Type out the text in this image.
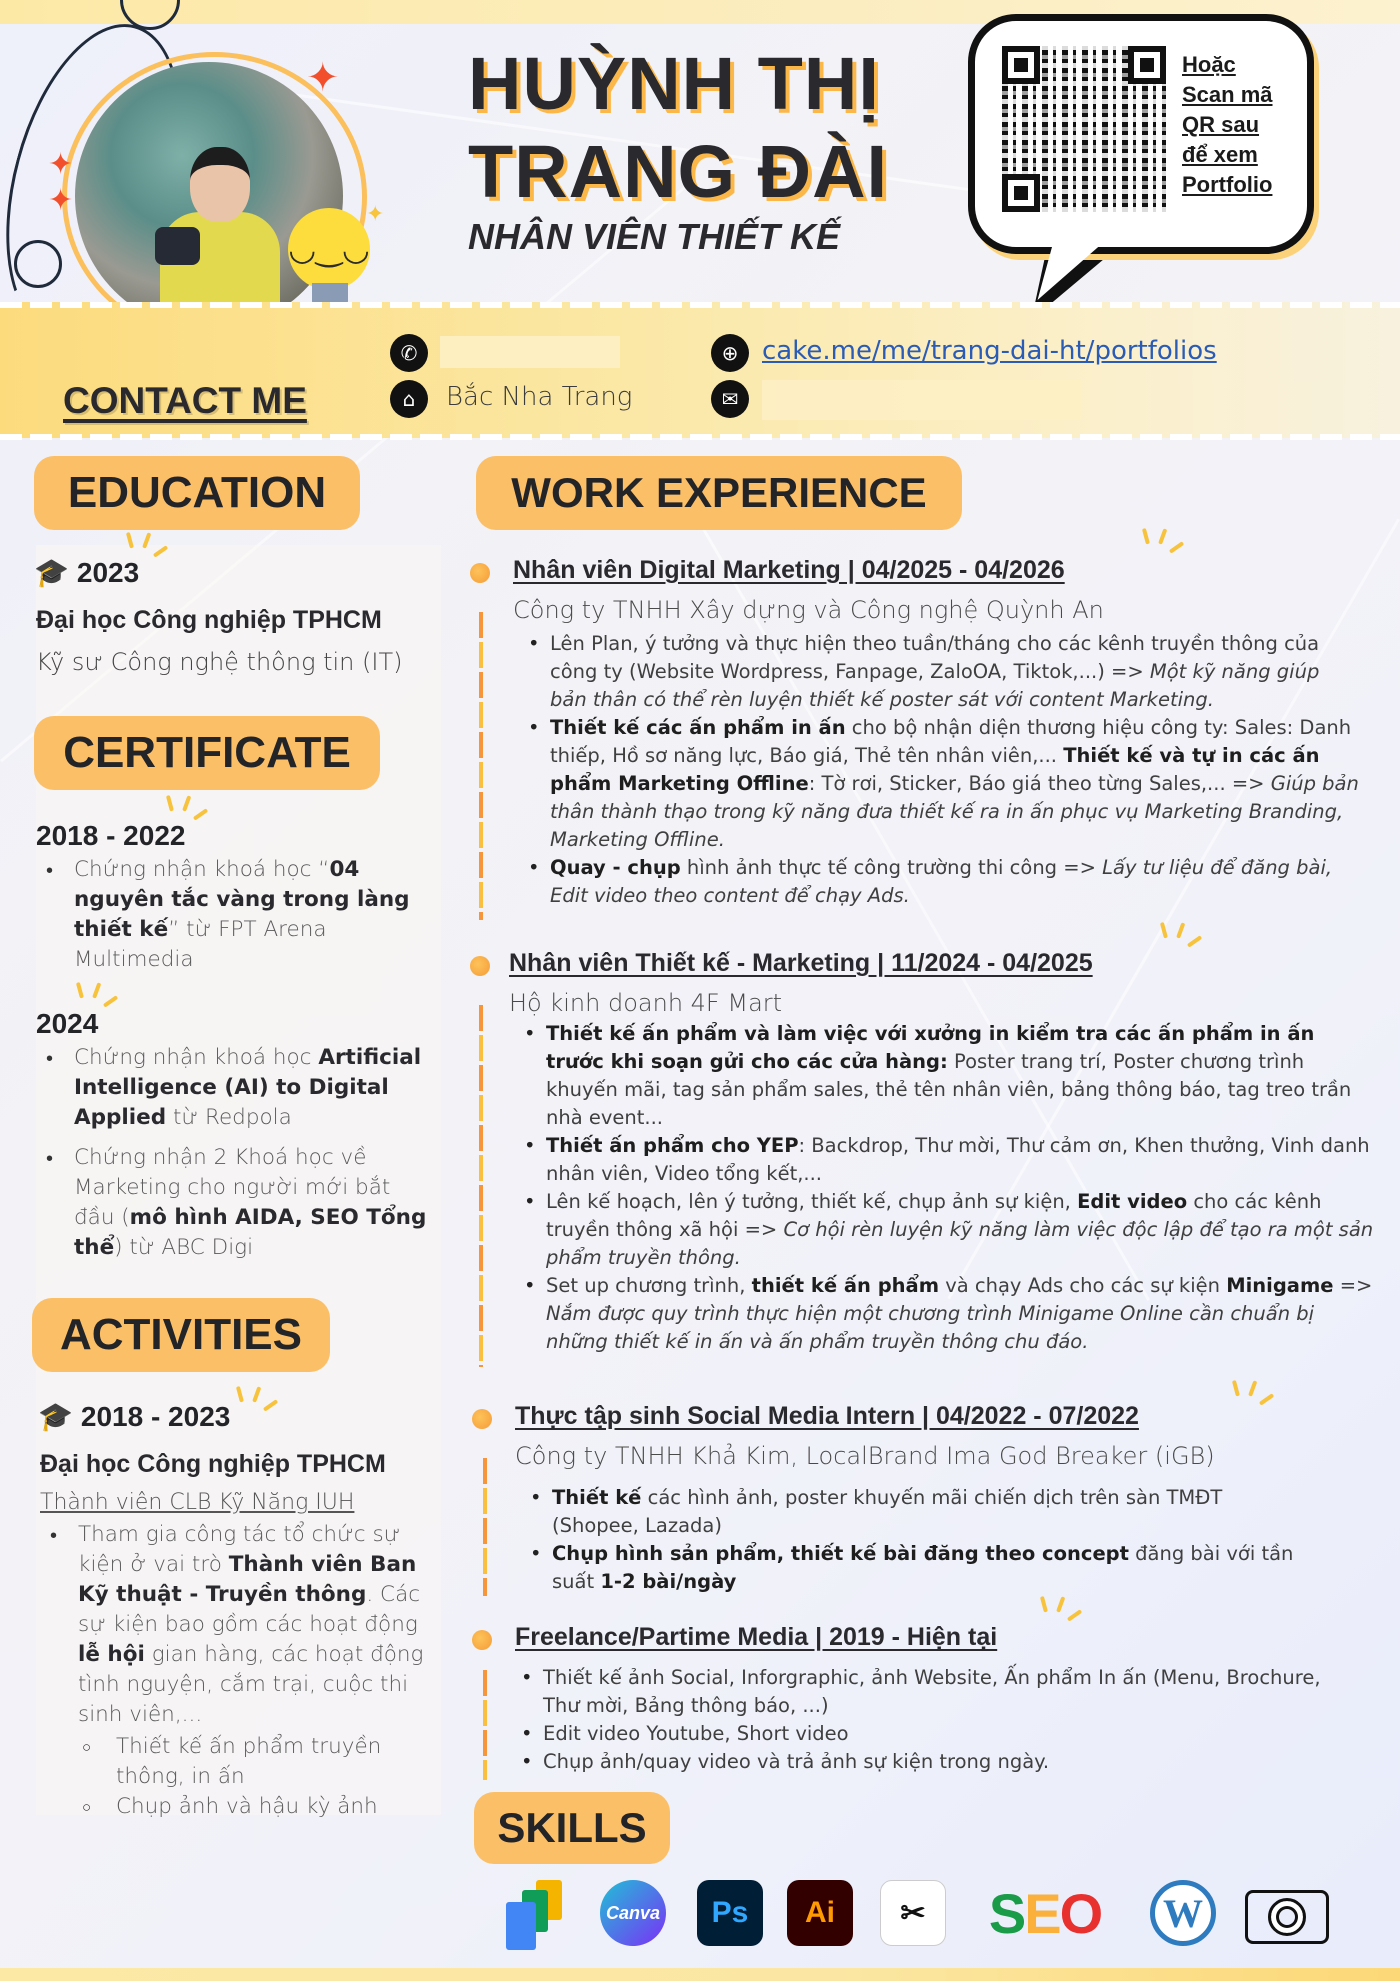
✦
✦
✦	✦
◡‿◡
HUỲNH THỊ
TRANG ĐÀI
NHÂN VIÊN THIẾT KẾ
Hoặc
Scan mã
QR sau
để xem
Portfolio
CONTACT ME
✆
⌂	Bắc Nha Trang
⊕ cake.me/me/trang-dai-ht/portfolios
✉
EDUCATION
🎓 2023
Đại học Công nghiệp TPHCM
Kỹ sư Công nghệ thông tin (IT)
CERTIFICATE
2018 - 2022
• Chứng nhận khoá học “04 nguyên tắc vàng trong làng thiết kế” từ FPT Arena Multimedia
2024
• Chứng nhận khoá học Artificial Intelligence (AI) to Digital Applied từ Redpola
• Chứng nhận 2 Khoá học về Marketing cho người mới bắt đầu (mô hình AIDA, SEO Tổng thể) từ ABC Digi
ACTIVITIES
🎓 2018 - 2023
Đại học Công nghiệp TPHCM
Thành viên CLB Kỹ Năng IUH
• Tham gia công tác tổ chức sự kiện ở vai trò Thành viên Ban Kỹ thuật - Truyền thông. Các sự kiện bao gồm các hoạt động lễ hội gian hàng, các hoạt động tình nguyện, cắm trại, cuộc thi sinh viên,...
○ Thiết kế ấn phẩm truyền thông, in ấn
○ Chụp ảnh và hậu kỳ ảnh
WORK EXPERIENCE
Nhân viên Digital Marketing | 04/2025 - 04/2026
Công ty TNHH Xây dựng và Công nghệ Quỳnh An
• Lên Plan, ý tưởng và thực hiện theo tuần/tháng cho các kênh truyền thông của công ty (Website Wordpress, Fanpage, ZaloOA, Tiktok,...) => Một kỹ năng giúp bản thân có thể rèn luyện thiết kế poster sát với content Marketing.
• Thiết kế các ấn phẩm in ấn cho bộ nhận diện thương hiệu công ty: Sales: Danh thiếp, Hồ sơ năng lực, Báo giá, Thẻ tên nhân viên,... Thiết kế và tự in các ấn phẩm Marketing Offline: Tờ rơi, Sticker, Báo giá theo từng Sales,... => Giúp bản thân thành thạo trong kỹ năng đưa thiết kế ra in ấn phục vụ Marketing Branding, Marketing Offline.
• Quay - chụp hình ảnh thực tế công trường thi công => Lấy tư liệu để đăng bài, Edit video theo content để chạy Ads.
Nhân viên Thiết kế - Marketing | 11/2024 - 04/2025
Hộ kinh doanh 4F Mart
• Thiết kế ấn phẩm và làm việc với xưởng in kiểm tra các ấn phẩm in ấn trước khi soạn gửi cho các cửa hàng: Poster trang trí, Poster chương trình khuyến mãi, tag sản phẩm sales, thẻ tên nhân viên, bảng thông báo, tag treo trần nhà event...
• Thiết ấn phẩm cho YEP: Backdrop, Thư mời, Thư cảm ơn, Khen thưởng, Vinh danh nhân viên, Video tổng kết,...
• Lên kế hoạch, lên ý tưởng, thiết kế, chụp ảnh sự kiện, Edit video cho các kênh truyền thông xã hội => Cơ hội rèn luyện kỹ năng làm việc độc lập để tạo ra một sản phẩm truyền thông.
• Set up chương trình, thiết kế ấn phẩm và chạy Ads cho các sự kiện Minigame => Nắm được quy trình thực hiện một chương trình Minigame Online cần chuẩn bị những thiết kế in ấn và ấn phẩm truyền thông chu đáo.
Thực tập sinh Social Media Intern | 04/2022 - 07/2022
Công ty TNHH Khả Kim, LocalBrand Ima God Breaker (iGB)
• Thiết kế các hình ảnh, poster khuyến mãi chiến dịch trên sàn TMĐT (Shopee, Lazada)
• Chụp hình sản phẩm, thiết kế bài đăng theo concept đăng bài với tần suất 1-2 bài/ngày
Freelance/Partime Media | 2019 - Hiện tại
• Thiết kế ảnh Social, Inforgraphic, ảnh Website, Ấn phẩm In ấn (Menu, Brochure, Thư mời, Bảng thông báo, ...)
• Edit video Youtube, Short video
• Chụp ảnh/quay video và trả ảnh sự kiện trong ngày.
SKILLS
Canva	Ps	Ai	✂	S E O	W
